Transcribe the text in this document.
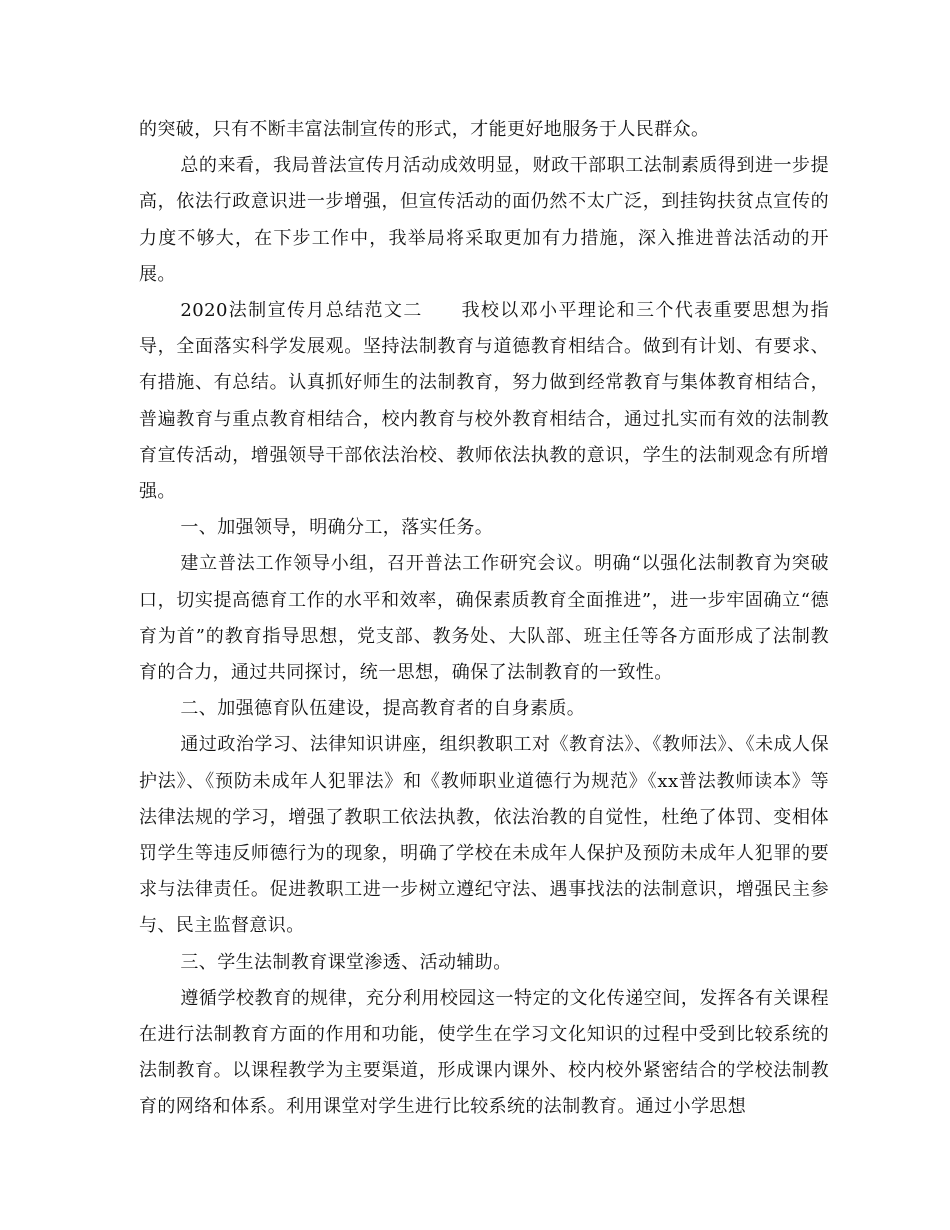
的突破，只有不断丰富法制宣传的形式，才能更好地服务于人民群众。

总的来看，我局普法宣传月活动成效明显，财政干部职工法制素质得到进一步提高，依法行政意识进一步增强，但宣传活动的面仍然不太广泛，到挂钩扶贫点宣传的力度不够大，在下步工作中，我举局将采取更加有力措施，深入推进普法活动的开展。

2020法制宣传月总结范文二　　我校以邓小平理论和三个代表重要思想为指导，全面落实科学发展观。坚持法制教育与道德教育相结合。做到有计划、有要求、有措施、有总结。认真抓好师生的法制教育，努力做到经常教育与集体教育相结合，普遍教育与重点教育相结合，校内教育与校外教育相结合，通过扎实而有效的法制教育宣传活动，增强领导干部依法治校、教师依法执教的意识，学生的法制观念有所增强。

一、加强领导，明确分工，落实任务。

建立普法工作领导小组，召开普法工作研究会议。明确“以强化法制教育为突破口，切实提高德育工作的水平和效率，确保素质教育全面推进”，进一步牢固确立“德育为首”的教育指导思想，党支部、教务处、大队部、班主任等各方面形成了法制教育的合力，通过共同探讨，统一思想，确保了法制教育的一致性。

二、加强德育队伍建设，提高教育者的自身素质。

通过政治学习、法律知识讲座，组织教职工对《教育法》、《教师法》、《未成人保护法》、《预防未成年人犯罪法》和《教师职业道德行为规范》《xx普法教师读本》等法律法规的学习，增强了教职工依法执教，依法治教的自觉性，杜绝了体罚、变相体罚学生等违反师德行为的现象，明确了学校在未成年人保护及预防未成年人犯罪的要求与法律责任。促进教职工进一步树立遵纪守法、遇事找法的法制意识，增强民主参与、民主监督意识。

三、学生法制教育课堂渗透、活动辅助。

遵循学校教育的规律，充分利用校园这一特定的文化传递空间，发挥各有关课程在进行法制教育方面的作用和功能，使学生在学习文化知识的过程中受到比较系统的法制教育。以课程教学为主要渠道，形成课内课外、校内校外紧密结合的学校法制教育的网络和体系。利用课堂对学生进行比较系统的法制教育。通过小学思想
